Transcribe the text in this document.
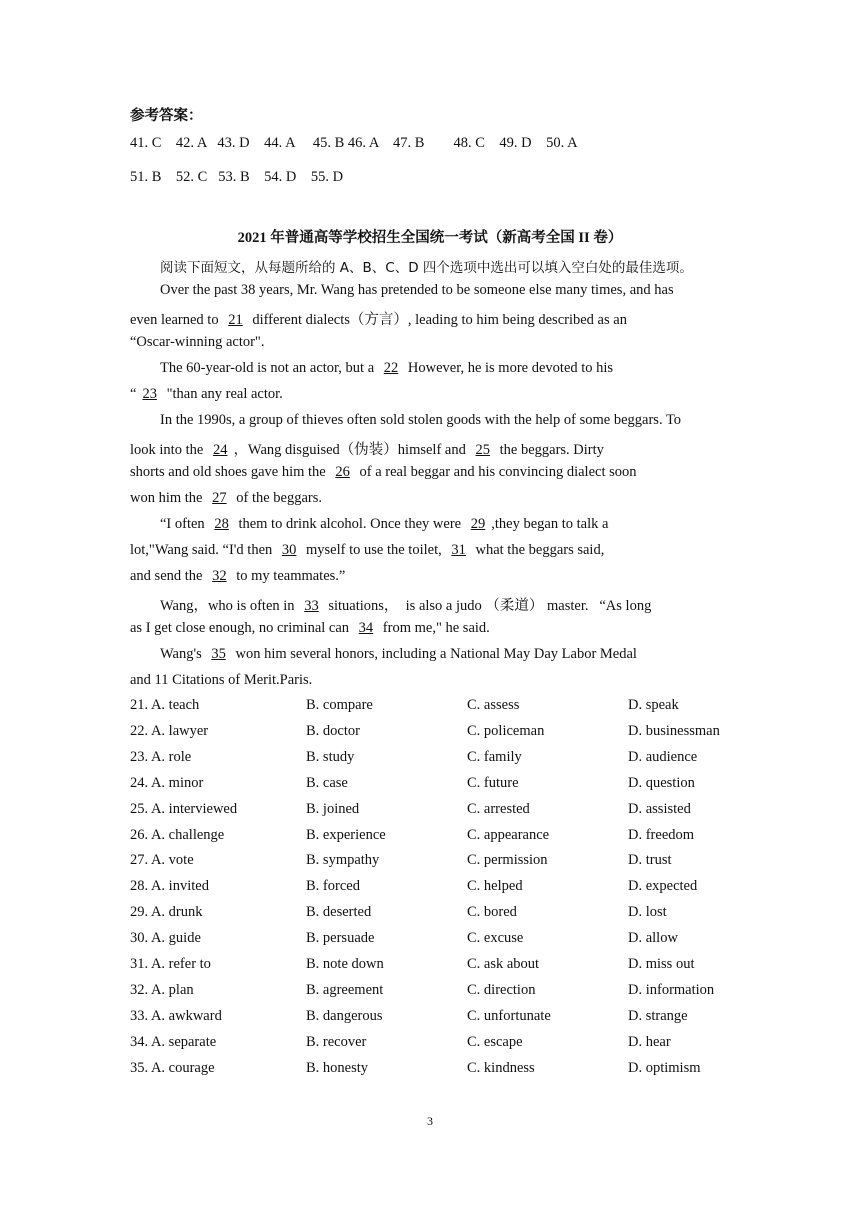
参考答案：
41. C    42. A   43. D    44. A     45. B 46. A    47. B        48. C    49. D    50. A
51. B    52. C   53. B    54. D    55. D
2021 年普通高等学校招生全国统一考试（新高考全国 II 卷）
阅读下面短文，从每题所给的 A、B、C、D 四个选项中选出可以填入空白处的最佳选项。
Over the past 38 years, Mr. Wang has pretended to be someone else many times, and has
even learned to 21 different dialects（方言）, leading to him being described as an
“Oscar-winning actor".
The 60-year-old is not an actor, but a 22 However, he is more devoted to his
“ 23 "than any real actor.
In the 1990s, a group of thieves often sold stolen goods with the help of some beggars. To
look into the 24 ，Wang disguised（伪装）himself and 25 the beggars. Dirty
shorts and old shoes gave him the 26 of a real beggar and his convincing dialect soon
won him the 27 of the beggars.
“I often 28 them to drink alcohol. Once they were 29 ,they began to talk a
lot,"Wang said. “I'd then 30 myself to use the toilet, 31 what the beggars said,
and send the 32 to my teammates.”
Wang，who is often in 33 situations，  is also a judo （柔道） master.   “As long
as I get close enough, no criminal can 34 from me," he said.
Wang's 35 won him several honors, including a National May Day Labor Medal
and 11 Citations of Merit.Paris.
21. A. teach	B. compare	C. assess	D. speak
22. A. lawyer	B. doctor	C. policeman	D. businessman
23. A. role	B. study	C. family	D. audience
24. A. minor	B. case	C. future	D. question
25. A. interviewed	B. joined	C. arrested	D. assisted
26. A. challenge	B. experience	C. appearance	D. freedom
27. A. vote	B. sympathy	C. permission	D. trust
28. A. invited	B. forced	C. helped	D. expected
29. A. drunk	B. deserted	C. bored	D. lost
30. A. guide	B. persuade	C. excuse	D. allow
31. A. refer to	B. note down	C. ask about	D. miss out
32. A. plan	B. agreement	C. direction	D. information
33. A. awkward	B. dangerous	C. unfortunate	D. strange
34. A. separate	B. recover	C. escape	D. hear
35. A. courage	B. honesty	C. kindness	D. optimism
3
